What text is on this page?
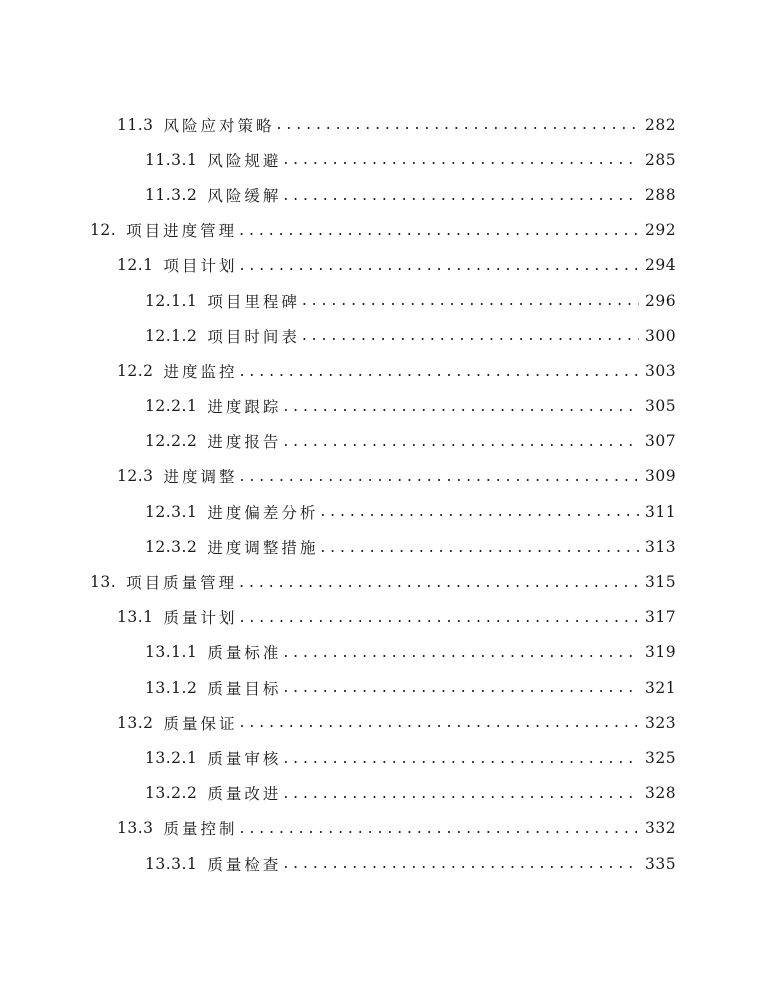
11.3 风险应对策略 . . .	282
11.3.1 风险规避 . . .	285
11.3.2 风险缓解 . . .	288
12. 项目进度管理 . . .	292
12.1 项目计划 . . .	294
12.1.1 项目里程碑 . . .	296
12.1.2 项目时间表 . . .	300
12.2 进度监控 . . .	303
12.2.1 进度跟踪 . . .	305
12.2.2 进度报告 . . .	307
12.3 进度调整 . . .	309
12.3.1 进度偏差分析 . . .	311
12.3.2 进度调整措施 . . .	313
13. 项目质量管理 . . .	315
13.1 质量计划 . . .	317
13.1.1 质量标准 . . .	319
13.1.2 质量目标 . . .	321
13.2 质量保证 . . .	323
13.2.1 质量审核 . . .	325
13.2.2 质量改进 . . .	328
13.3 质量控制 . . .	332
13.3.1 质量检查 . . .	335
